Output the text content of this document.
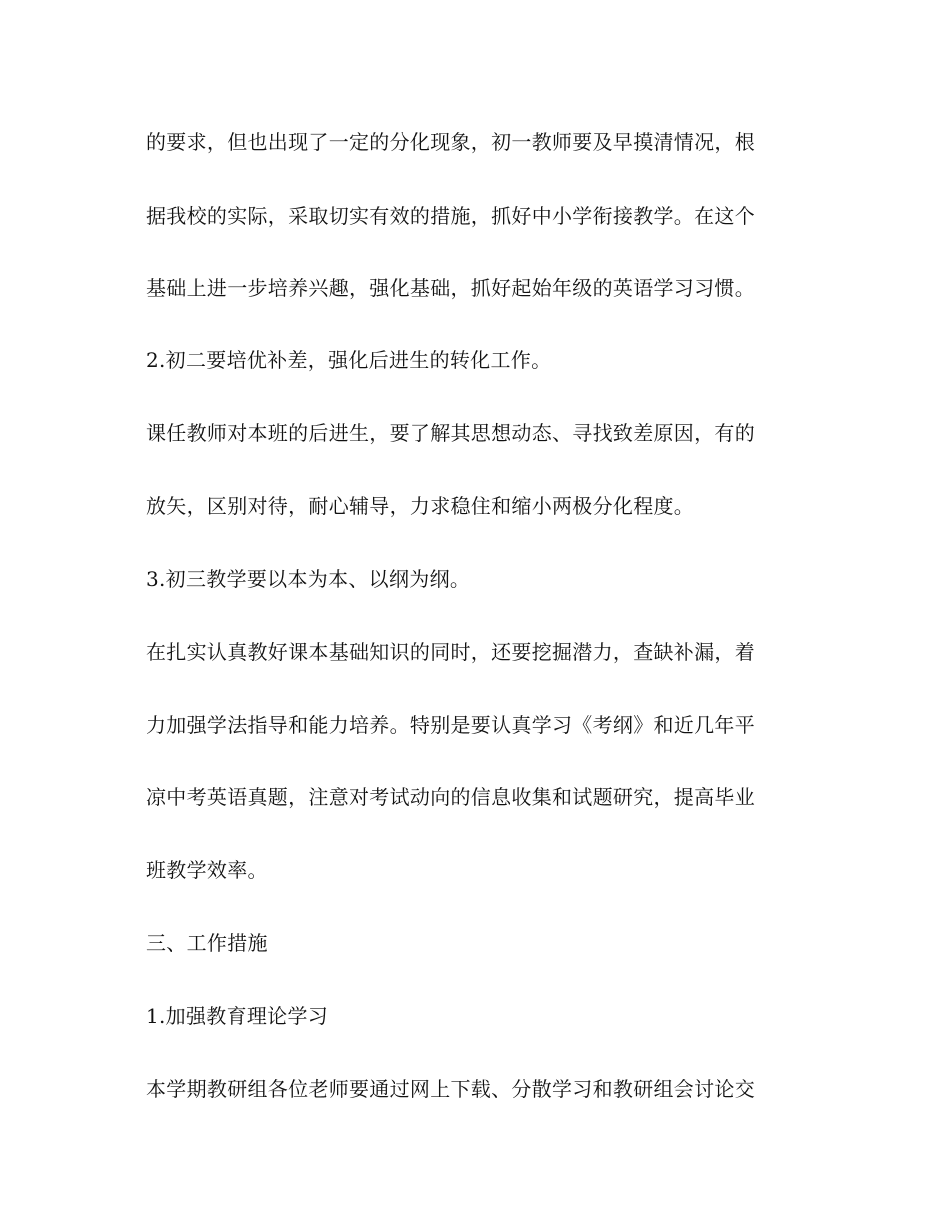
的要求，但也出现了一定的分化现象，初一教师要及早摸清情况，根
据我校的实际，采取切实有效的措施，抓好中小学衔接教学。在这个
基础上进一步培养兴趣，强化基础，抓好起始年级的英语学习习惯。
2.初二要培优补差，强化后进生的转化工作。
课任教师对本班的后进生，要了解其思想动态、寻找致差原因，有的
放矢，区别对待，耐心辅导，力求稳住和缩小两极分化程度。
3.初三教学要以本为本、以纲为纲。
在扎实认真教好课本基础知识的同时，还要挖掘潜力，查缺补漏，着
力加强学法指导和能力培养。特别是要认真学习《考纲》和近几年平
凉中考英语真题，注意对考试动向的信息收集和试题研究，提高毕业
班教学效率。
三、工作措施
1.加强教育理论学习
本学期教研组各位老师要通过网上下载、分散学习和教研组会讨论交
